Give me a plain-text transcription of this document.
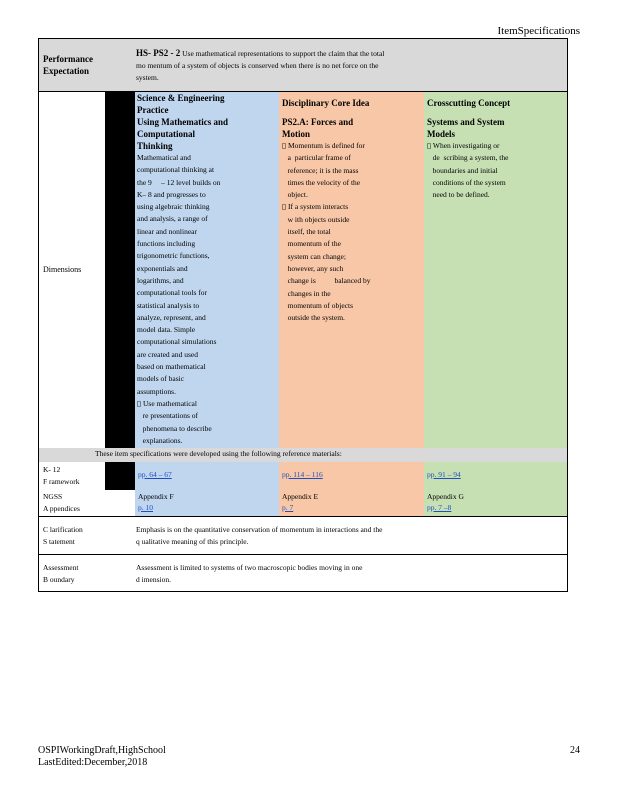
ItemSpecifications
Performance
Expectation
HS- PS2 - 2 Use mathematical representations to support the claim that the total
mo mentum of a system of objects is conserved when there is no net force on the
system.
Dimensions
Science & Engineering
Practice
Using Mathematics and
Computational
Thinking
Mathematical and
computational thinking at
the 9     – 12 level builds on
K– 8 and progresses to
using algebraic thinking
and analysis, a range of
linear and nonlinear
functions including
trigonometric functions,
exponentials and
logarithms, and
computational tools for
statistical analysis to
analyze, represent, and
model data. Simple
computational simulations
are created and used
based on mathematical
models of basic
assumptions.
▯ Use mathematical
re presentations of
phenomena to describe
explanations.
Disciplinary Core Idea
PS2.A: Forces and
Motion
▯ Momentum is defined for
a  particular frame of
reference; it is the mass
times the velocity of the
object.
▯ If a system interacts
w ith objects outside
itself, the total
momentum of the
system can change;
however, any such
change is          balanced by
changes in the
momentum of objects
outside the system.
Crosscutting Concept
Systems and System
Models
▯ When investigating or
de  scribing a system, the
boundaries and initial
conditions of the system
need to be defined.
These item specifications were developed using the following reference materials:
K- 12
F ramework
pp. 64 – 67	pp. 114 – 116	pp. 91 – 94
NGSS
A ppendices
Appendix F
p. 10
Appendix E
p. 7
Appendix G
pp. 7 –8
C larification
S tatement
Emphasis is on the quantitative conservation of momentum in interactions and the
q ualitative meaning of this principle.
Assessment
B oundary
Assessment is limited to systems of two macroscopic bodies moving in one
d imension.
OSPIWorkingDraft,HighSchool
LastEdited:December,2018
24
